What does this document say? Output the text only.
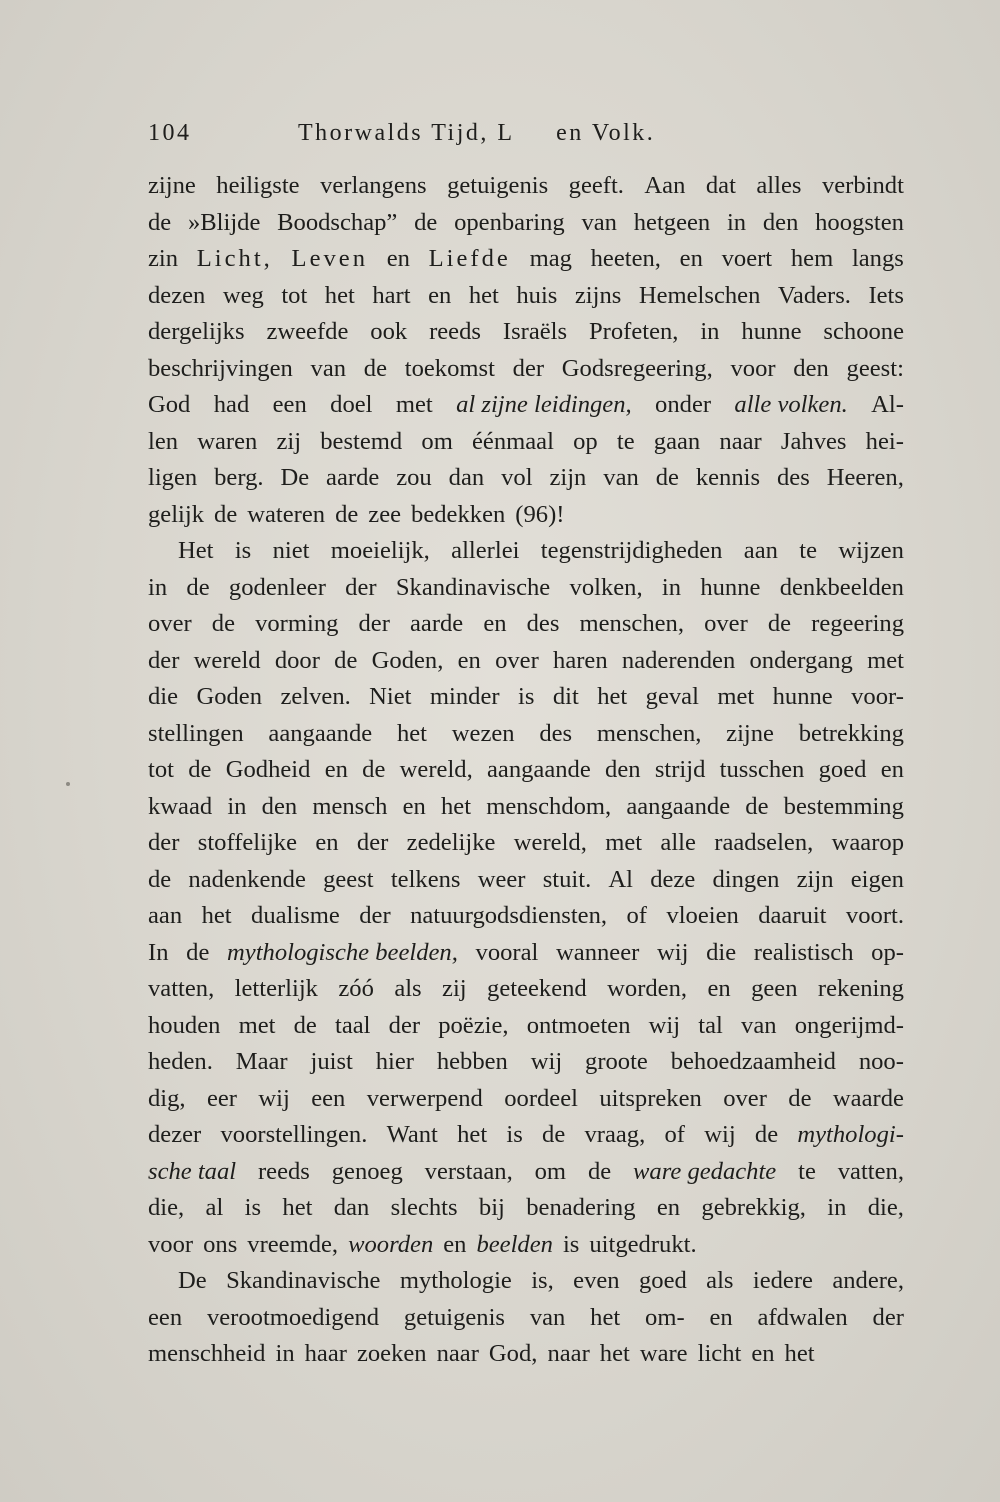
104	Thorwalds Tijd, L     en Volk.
zijne heiligste verlangens getuigenis geeft. Aan dat alles verbindt
de »Blijde Boodschap” de openbaring van hetgeen in den hoogsten
zin Licht, Leven en Liefde mag heeten, en voert hem langs
dezen weg tot het hart en het huis zijns Hemelschen Vaders. Iets
dergelijks zweefde ook reeds Israëls Profeten, in hunne schoone
beschrijvingen van de toekomst der Godsregeering, voor den geest:
God had een doel met al zijne leidingen, onder alle volken. Al-
len waren zij bestemd om éénmaal op te gaan naar Jahves hei-
ligen berg. De aarde zou dan vol zijn van de kennis des Heeren,
gelijk de wateren de zee bedekken (96)!
Het is niet moeielijk, allerlei tegenstrijdigheden aan te wijzen
in de godenleer der Skandinavische volken, in hunne denkbeelden
over de vorming der aarde en des menschen, over de regeering
der wereld door de Goden, en over haren naderenden ondergang met
die Goden zelven. Niet minder is dit het geval met hunne voor-
stellingen aangaande het wezen des menschen, zijne betrekking
tot de Godheid en de wereld, aangaande den strijd tusschen goed en
kwaad in den mensch en het menschdom, aangaande de bestemming
der stoffelijke en der zedelijke wereld, met alle raadselen, waarop
de nadenkende geest telkens weer stuit. Al deze dingen zijn eigen
aan het dualisme der natuurgodsdiensten, of vloeien daaruit voort.
In de mythologische beelden, vooral wanneer wij die realistisch op-
vatten, letterlijk zóó als zij geteekend worden, en geen rekening
houden met de taal der poëzie, ontmoeten wij tal van ongerijmd-
heden. Maar juist hier hebben wij groote behoedzaamheid noo-
dig, eer wij een verwerpend oordeel uitspreken over de waarde
dezer voorstellingen. Want het is de vraag, of wij de mythologi-
sche taal reeds genoeg verstaan, om de ware gedachte te vatten,
die, al is het dan slechts bij benadering en gebrekkig, in die,
voor ons vreemde, woorden en beelden is uitgedrukt.
De Skandinavische mythologie is, even goed als iedere andere,
een verootmoedigend getuigenis van het om- en afdwalen der
menschheid in haar zoeken naar God, naar het ware licht en het
